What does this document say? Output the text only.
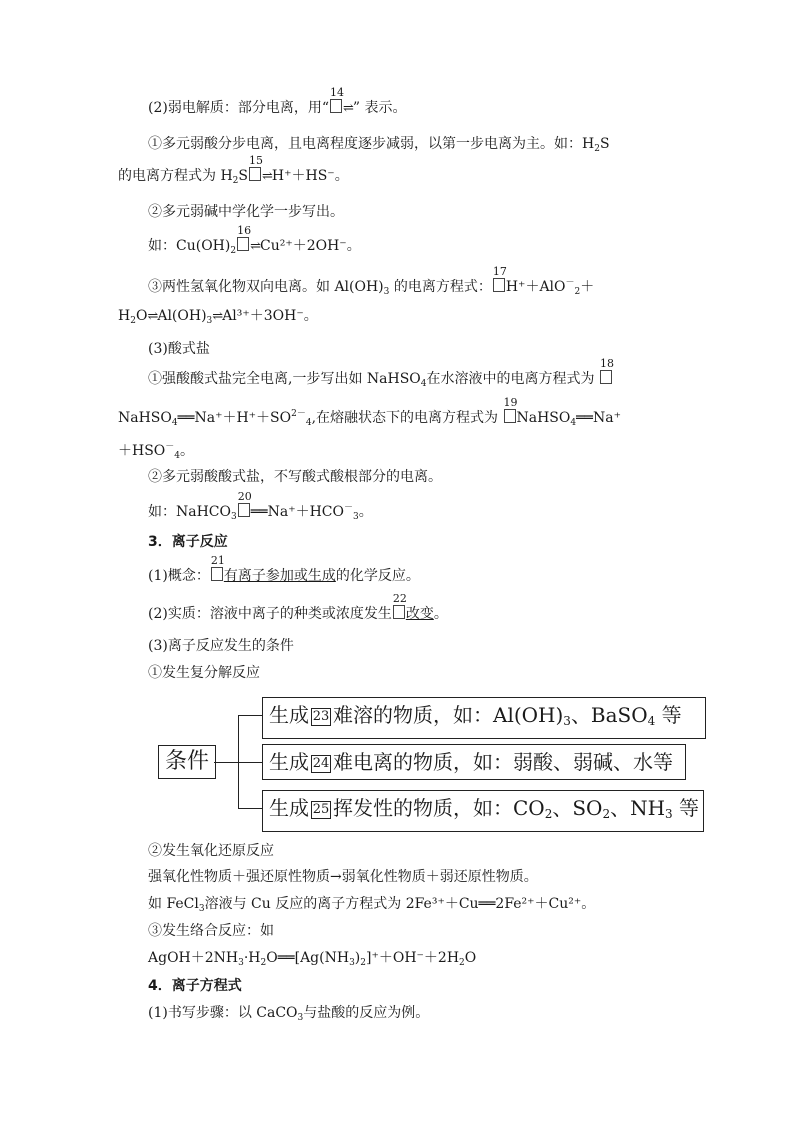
(2)弱电解质：部分电离，用“
14
⇌” 表示。
①多元弱酸分步电离，且电离程度逐步减弱，以第一步电离为主。如：$H_2S$
的电离方程式为 $H_2S$
15
⇌H⁺＋HS⁻。
②多元弱碱中学化学一步写出。
如：$Cu(OH)_2$
16
⇌Cu²⁺＋2OH⁻。
③两性氢氧化物双向电离。如 $Al(OH)_3$ 的电离方程式：
17
H⁺＋AlO－$_2$＋
$H_2O\rightleftharpoons Al(OH)_3\rightleftharpoons Al^{3+}+3OH^-$。
(3)酸式盐
①强酸酸式盐完全电离,一步写出如 NaHSO$_4$在水溶液中的电离方程式为
18
$NaHSO_4══Na^++H^++SO^{2-}_4$,在熔融状态下的电离方程式为
19
NaHSO$_4$══Na⁺
$+HSO^-_4$。
②多元弱酸酸式盐，不写酸式酸根部分的电离。
如：NaHCO$_3$
20
$══Na^++HCO^-_3$。
3．离子反应
(1)概念：
21
有离子参加或生成的化学反应。
(2)实质：溶液中离子的种类或浓度发生
22
改变。
(3)离子反应发生的条件
①发生复分解反应
条件
生成 23 难溶的物质，如：$Al(OH)_3$、BaSO$_4$ 等
生成 24 难电离的物质，如：弱酸、弱碱、水等
生成 25 挥发性的物质，如：$CO_2$、$SO_2$、$NH_3$ 等
②发生氧化还原反应
强氧化性物质＋强还原性物质→弱氧化性物质＋弱还原性物质。
如 FeCl$_3$溶液与 Cu 反应的离子方程式为 2Fe³⁺＋Cu══2Fe²⁺＋Cu²⁺。
③发生络合反应：如
$AgOH+2NH_3\cdot H_2O══[Ag(NH_3)_2]^++OH^-+2H_2O$
4．离子方程式
(1)书写步骤：以 CaCO$_3$与盐酸的反应为例。
